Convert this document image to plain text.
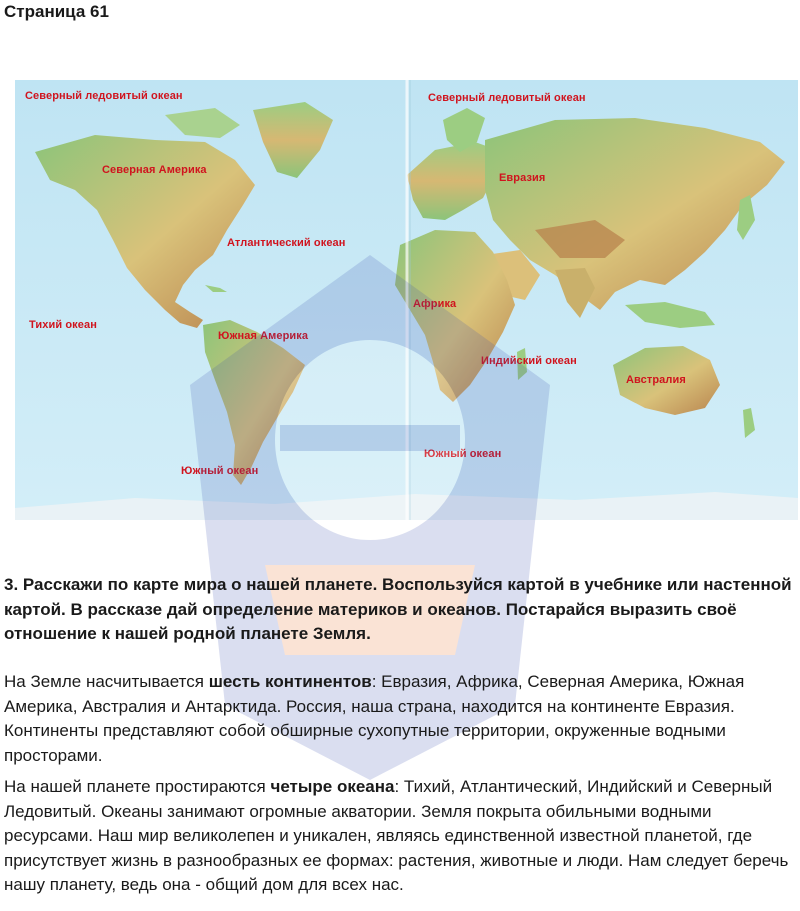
Страница 61
Северный ледовитый океан	Северный ледовитый океан
Северная Америка
Евразия
Атлантический океан
Африка
Тихий океан
Южная Америка
Индийский океан
Австралия
Южный океан
Южный океан
3. Расскажи по карте мира о нашей планете. Воспользуйся картой в учебнике или настенной картой. В рассказе дай определение материков и океанов. Постарайся выразить своё отношение к нашей родной планете Земля.
На Земле насчитывается шесть континентов: Евразия, Африка, Северная Америка, Южная Америка, Австралия и Антарктида. Россия, наша страна, находится на континенте Евразия. Континенты представляют собой обширные сухопутные территории, окруженные водными просторами.
На нашей планете простираются четыре океана: Тихий, Атлантический, Индийский и Северный Ледовитый. Океаны занимают огромные акватории. Земля покрыта обильными водными ресурсами. Наш мир великолепен и уникален, являясь единственной известной планетой, где присутствует жизнь в разнообразных ее формах: растения, животные и люди. Нам следует беречь нашу планету, ведь она - общий дом для всех нас.
